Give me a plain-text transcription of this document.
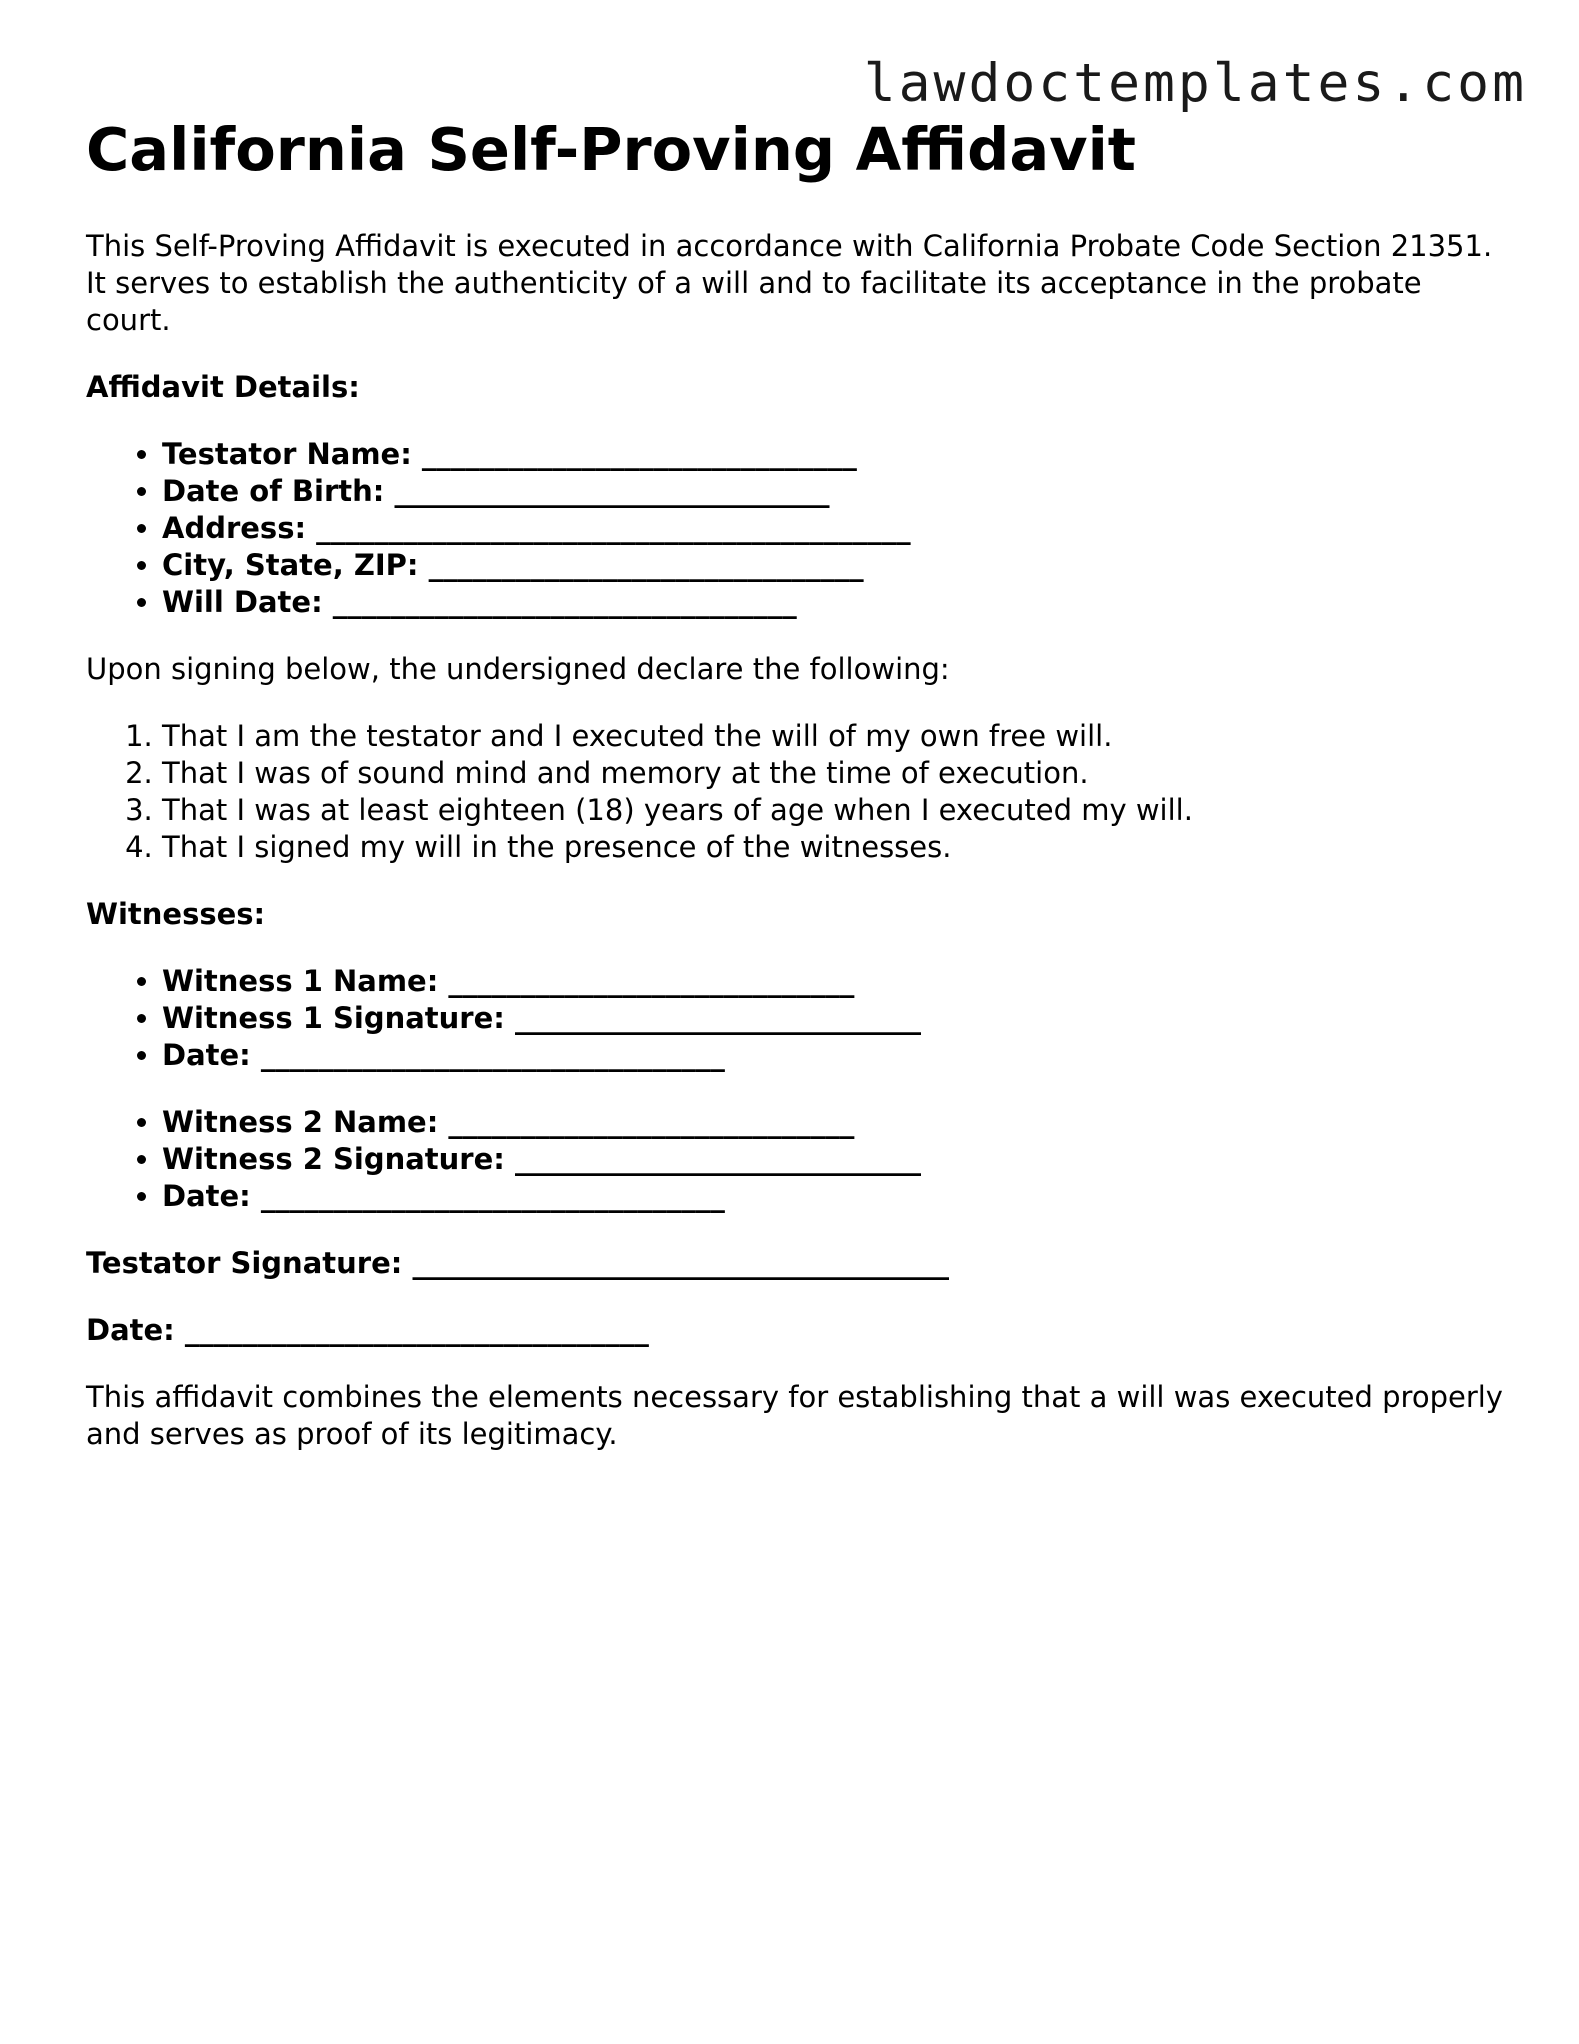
lawdoctemplates.com
California Self-Proving Affidavit

This Self-Proving Affidavit is executed in accordance with California Probate Code Section 21351. It serves to establish the authenticity of a will and to facilitate its acceptance in the probate court.

Affidavit Details:

• Testator Name: ______________________________
• Date of Birth: ______________________________
• Address: _________________________________________
• City, State, ZIP: ______________________________
• Will Date: ________________________________

Upon signing below, the undersigned declare the following:

1. That I am the testator and I executed the will of my own free will.
2. That I was of sound mind and memory at the time of execution.
3. That I was at least eighteen (18) years of age when I executed my will.
4. That I signed my will in the presence of the witnesses.

Witnesses:

• Witness 1 Name: ____________________________
• Witness 1 Signature: ____________________________
• Date: ________________________________
• Witness 2 Name: ____________________________
• Witness 2 Signature: ____________________________
• Date: ________________________________

Testator Signature: _____________________________________

Date: ________________________________

This affidavit combines the elements necessary for establishing that a will was executed properly and serves as proof of its legitimacy.
